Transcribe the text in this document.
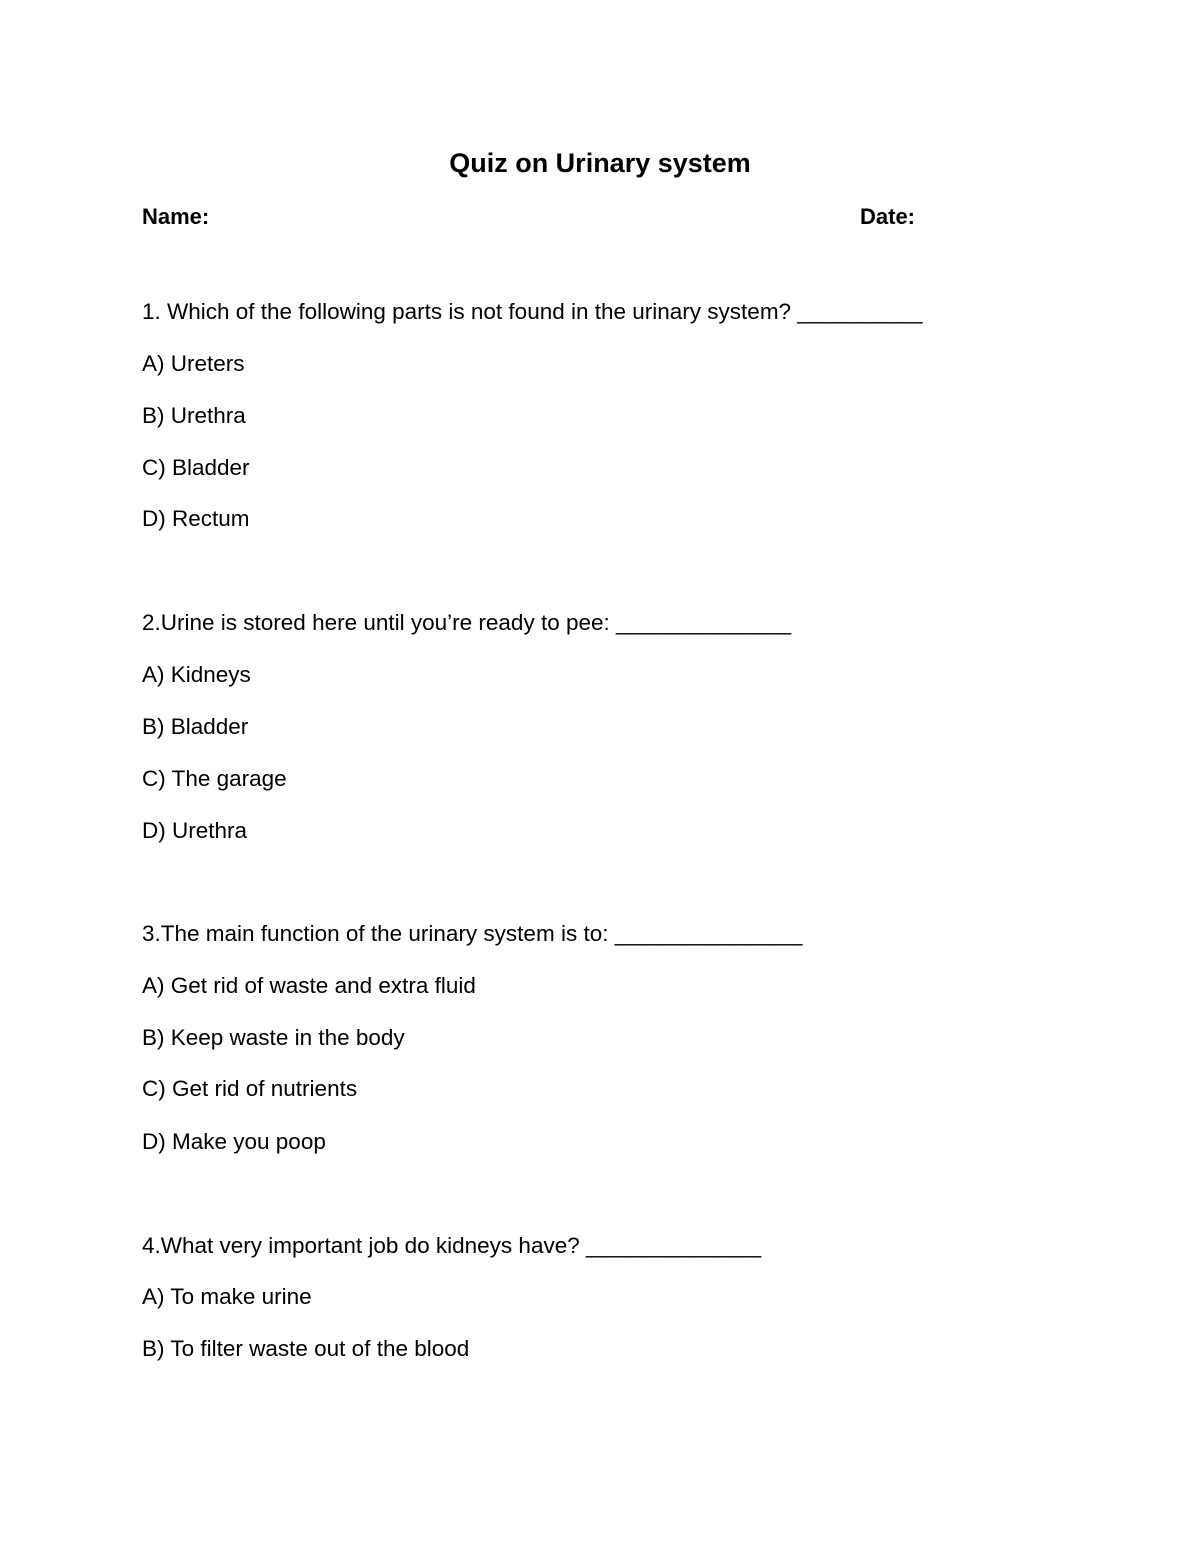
Quiz on Urinary system
Name:	Date:
1. Which of the following parts is not found in the urinary system? __________
A) Ureters
B) Urethra
C) Bladder
D) Rectum
2.Urine is stored here until you’re ready to pee: ______________
A) Kidneys
B) Bladder
C) The garage
D) Urethra
3.The main function of the urinary system is to: _______________
A) Get rid of waste and extra fluid
B) Keep waste in the body
C) Get rid of nutrients
D) Make you poop
4.What very important job do kidneys have? ______________
A) To make urine
B) To filter waste out of the blood
